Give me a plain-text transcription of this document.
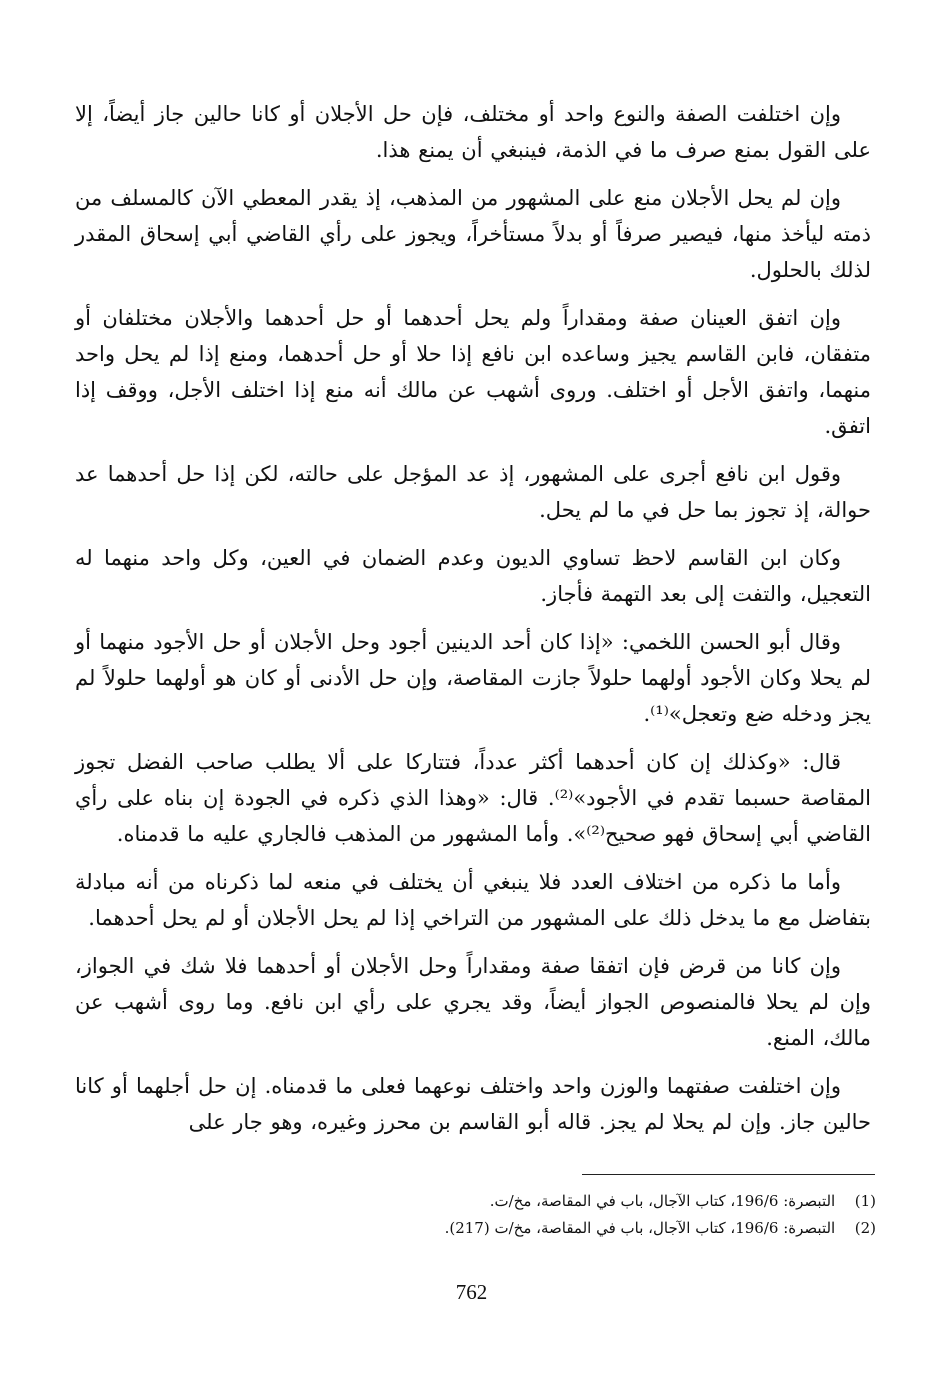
وإن اختلفت الصفة والنوع واحد أو مختلف، فإن حل الأجلان أو كانا حالين جاز أيضاً، إلا على القول بمنع صرف ما في الذمة، فينبغي أن يمنع هذا.

وإن لم يحل الأجلان منع على المشهور من المذهب، إذ يقدر المعطي الآن كالمسلف من ذمته ليأخذ منها، فيصير صرفاً أو بدلاً مستأخراً، ويجوز على رأي القاضي أبي إسحاق المقدر لذلك بالحلول.

وإن اتفق العينان صفة ومقداراً ولم يحل أحدهما أو حل أحدهما والأجلان مختلفان أو متفقان، فابن القاسم يجيز وساعده ابن نافع إذا حلا أو حل أحدهما، ومنع إذا لم يحل واحد منهما، واتفق الأجل أو اختلف. وروى أشهب عن مالك أنه منع إذا اختلف الأجل، ووقف إذا اتفق.

وقول ابن نافع أجرى على المشهور، إذ عد المؤجل على حالته، لكن إذا حل أحدهما عد حوالة، إذ تجوز بما حل في ما لم يحل.

وكان ابن القاسم لاحظ تساوي الديون وعدم الضمان في العين، وكل واحد منهما له التعجيل، والتفت إلى بعد التهمة فأجاز.

وقال أبو الحسن اللخمي: «إذا كان أحد الدينين أجود وحل الأجلان أو حل الأجود منهما أو لم يحلا وكان الأجود أولهما حلولاً جازت المقاصة، وإن حل الأدنى أو كان هو أولهما حلولاً لم يجز ودخله ضع وتعجل»⁽¹⁾.

قال: «وكذلك إن كان أحدهما أكثر عدداً، فتتاركا على ألا يطلب صاحب الفضل تجوز المقاصة حسبما تقدم في الأجود»⁽²⁾. قال: «وهذا الذي ذكره في الجودة إن بناه على رأي القاضي أبي إسحاق فهو صحيح⁽²⁾». وأما المشهور من المذهب فالجاري عليه ما قدمناه.

وأما ما ذكره من اختلاف العدد فلا ينبغي أن يختلف في منعه لما ذكرناه من أنه مبادلة بتفاضل مع ما يدخل ذلك على المشهور من التراخي إذا لم يحل الأجلان أو لم يحل أحدهما.

وإن كانا من قرض فإن اتفقا صفة ومقداراً وحل الأجلان أو أحدهما فلا شك في الجواز، وإن لم يحلا فالمنصوص الجواز أيضاً، وقد يجري على رأي ابن نافع. وما روى أشهب عن مالك، المنع.

وإن اختلفت صفتهما والوزن واحد واختلف نوعهما فعلى ما قدمناه. إن حل أجلهما أو كانا حالين جاز. وإن لم يحلا لم يجز. قاله أبو القاسم بن محرز وغيره، وهو جار على

(1) التبصرة: 196/6، كتاب الآجال، باب في المقاصة، مخ/ت.
(2) التبصرة: 196/6، كتاب الآجال، باب في المقاصة، مخ/ت (217).
762
